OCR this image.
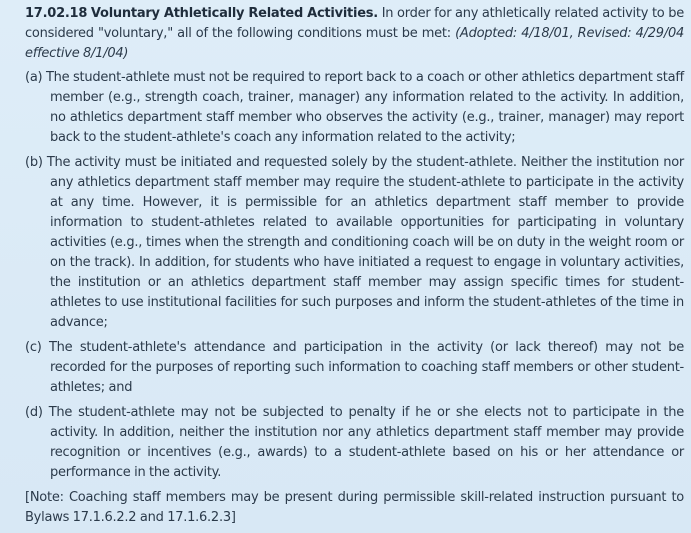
17.02.18 Voluntary Athletically Related Activities. In order for any athletically related activity to be considered "voluntary," all of the following conditions must be met: (Adopted: 4/18/01, Revised: 4/29/04 effective 8/1/04)

(a) The student-athlete must not be required to report back to a coach or other athletics department staff member (e.g., strength coach, trainer, manager) any information related to the activity. In addition, no athletics department staff member who observes the activity (e.g., trainer, manager) may report back to the student-athlete's coach any information related to the activity;

(b) The activity must be initiated and requested solely by the student-athlete. Neither the institution nor any athletics department staff member may require the student-athlete to participate in the activity at any time. However, it is permissible for an athletics department staff member to provide information to student-athletes related to available opportunities for participating in voluntary activities (e.g., times when the strength and conditioning coach will be on duty in the weight room or on the track). In addition, for students who have initiated a request to engage in voluntary activities, the institution or an athletics department staff member may assign specific times for student-athletes to use institutional facilities for such purposes and inform the student-athletes of the time in advance;

(c) The student-athlete's attendance and participation in the activity (or lack thereof) may not be recorded for the purposes of reporting such information to coaching staff members or other student-athletes; and

(d) The student-athlete may not be subjected to penalty if he or she elects not to participate in the activity. In addition, neither the institution nor any athletics department staff member may provide recognition or incentives (e.g., awards) to a student-athlete based on his or her attendance or performance in the activity.

[Note: Coaching staff members may be present during permissible skill-related instruction pursuant to Bylaws 17.1.6.2.2 and 17.1.6.2.3]
